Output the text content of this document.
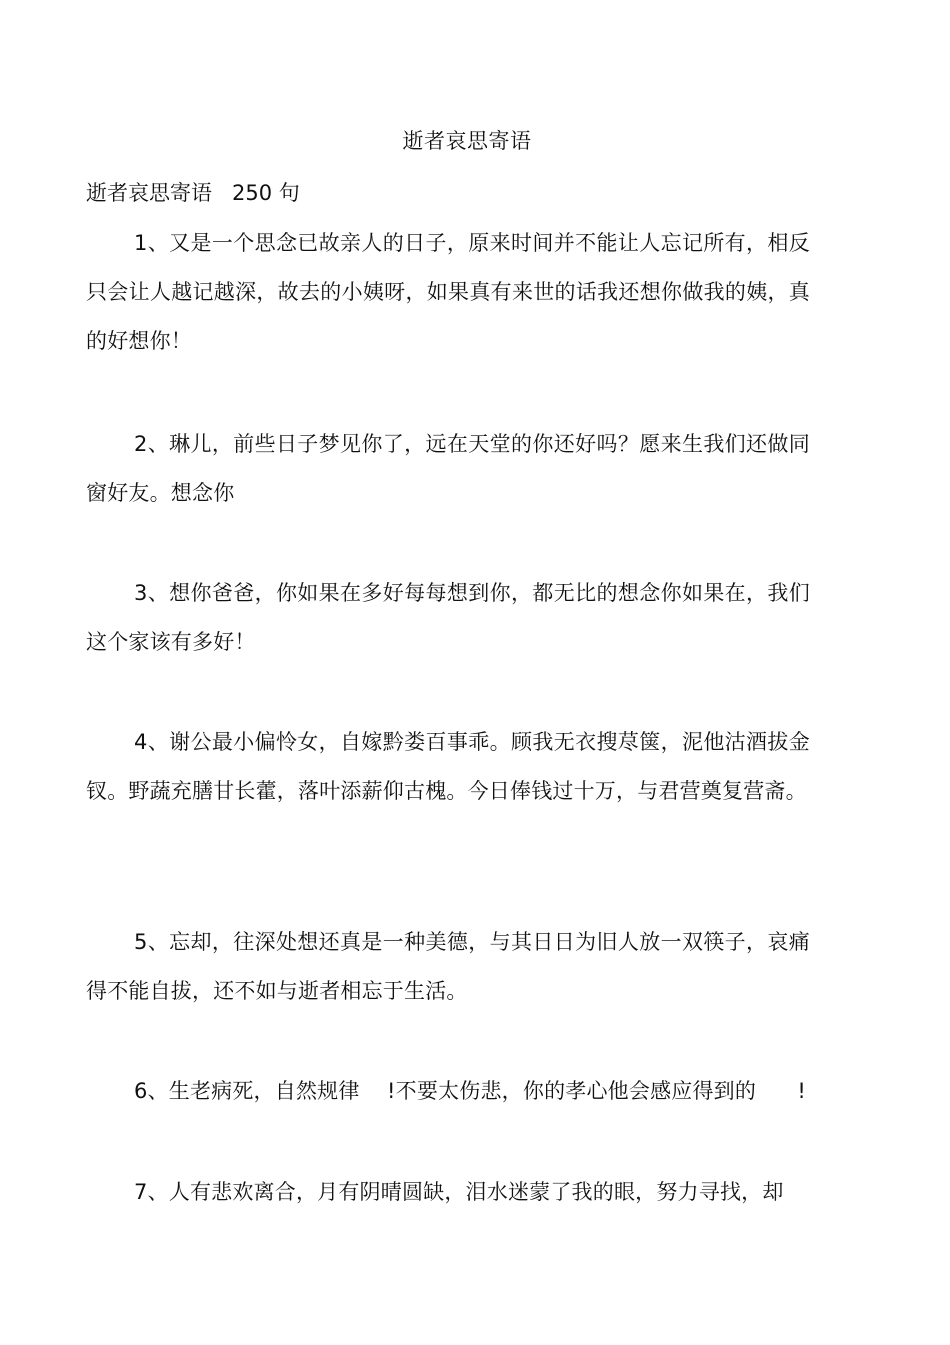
逝者哀思寄语
逝者哀思寄语   250 句

1、又是一个思念已故亲人的日子，原来时间并不能让人忘记所有，相反只会让人越记越深，故去的小姨呀，如果真有来世的话我还想你做我的姨，真的好想你！

2、琳儿，前些日子梦见你了，远在天堂的你还好吗？愿来生我们还做同窗好友。想念你

3、想你爸爸，你如果在多好每每想到你，都无比的想念你如果在，我们这个家该有多好！

4、谢公最小偏怜女，自嫁黔娄百事乖。顾我无衣搜荩箧，泥他沽酒拔金钗。野蔬充膳甘长藿，落叶添薪仰古槐。今日俸钱过十万，与君营奠复营斋。

5、忘却，往深处想还真是一种美德，与其日日为旧人放一双筷子，哀痛得不能自拔，还不如与逝者相忘于生活。

6、生老病死，自然规律    !不要太伤悲，你的孝心他会感应得到的      !

7、人有悲欢离合，月有阴晴圆缺，泪水迷蒙了我的眼，努力寻找，却
